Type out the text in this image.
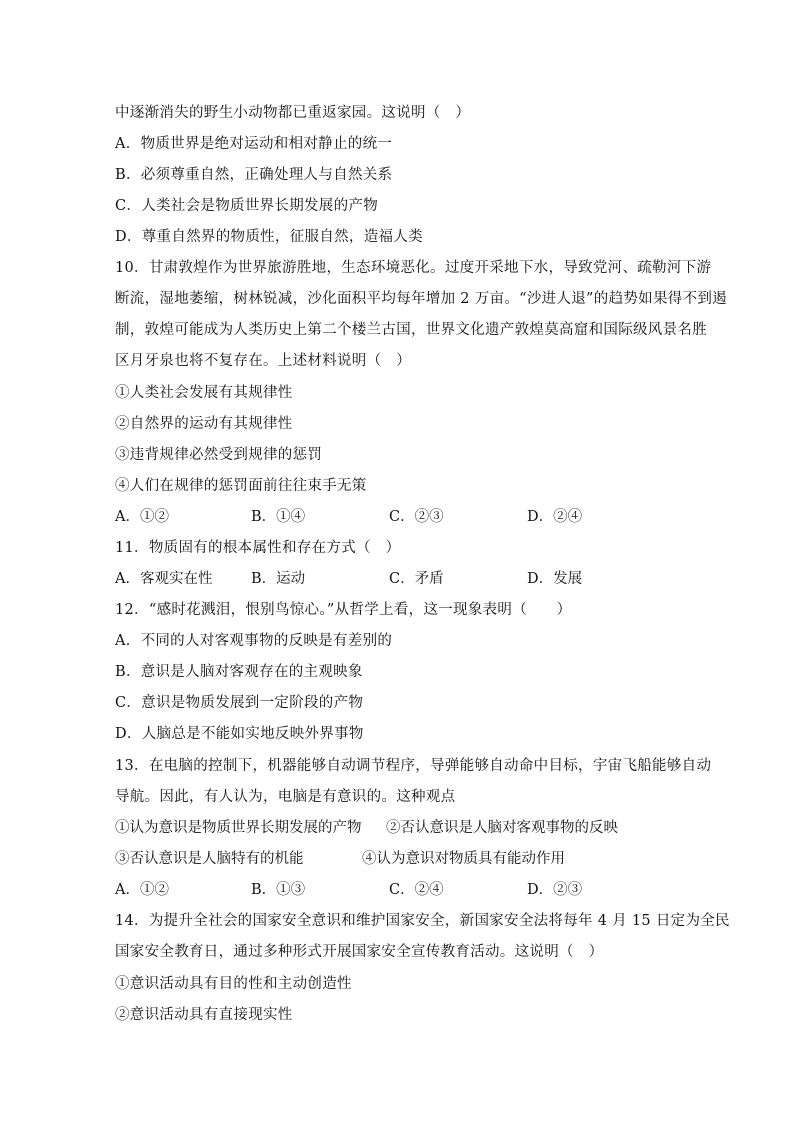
中逐渐消失的野生小动物都已重返家园。这说明（　）
A．物质世界是绝对运动和相对静止的统一
B．必须尊重自然，正确处理人与自然关系
C．人类社会是物质世界长期发展的产物
D．尊重自然界的物质性，征服自然，造福人类
10．甘肃敦煌作为世界旅游胜地，生态环境恶化。过度开采地下水，导致党河、疏勒河下游
断流，湿地萎缩，树林锐减，沙化面积平均每年增加 2 万亩。“沙进人退”的趋势如果得不到遏
制，敦煌可能成为人类历史上第二个楼兰古国，世界文化遗产敦煌莫高窟和国际级风景名胜
区月牙泉也将不复存在。上述材料说明（　）
①人类社会发展有其规律性
②自然界的运动有其规律性
③违背规律必然受到规律的惩罚
④人们在规律的惩罚面前往往束手无策
A．①②	B．①④	C．②③	D．②④
11．物质固有的根本属性和存在方式（　）
A．客观实在性	B．运动	C．矛盾	D．发展
12．“感时花溅泪，恨别鸟惊心。”从哲学上看，这一现象表明（　　）
A．不同的人对客观事物的反映是有差别的
B．意识是人脑对客观存在的主观映象
C．意识是物质发展到一定阶段的产物
D．人脑总是不能如实地反映外界事物
13．在电脑的控制下，机器能够自动调节程序，导弹能够自动命中目标，宇宙飞船能够自动
导航。因此，有人认为，电脑是有意识的。这种观点
①认为意识是物质世界长期发展的产物 ②否认意识是人脑对客观事物的反映
③否认意识是人脑特有的机能	④认为意识对物质具有能动作用
A．①②	B．①③	C．②④	D．②③
14．为提升全社会的国家安全意识和维护国家安全，新国家安全法将每年 4 月 15 日定为全民
国家安全教育日，通过多种形式开展国家安全宣传教育活动。这说明（　）
①意识活动具有目的性和主动创造性
②意识活动具有直接现实性
